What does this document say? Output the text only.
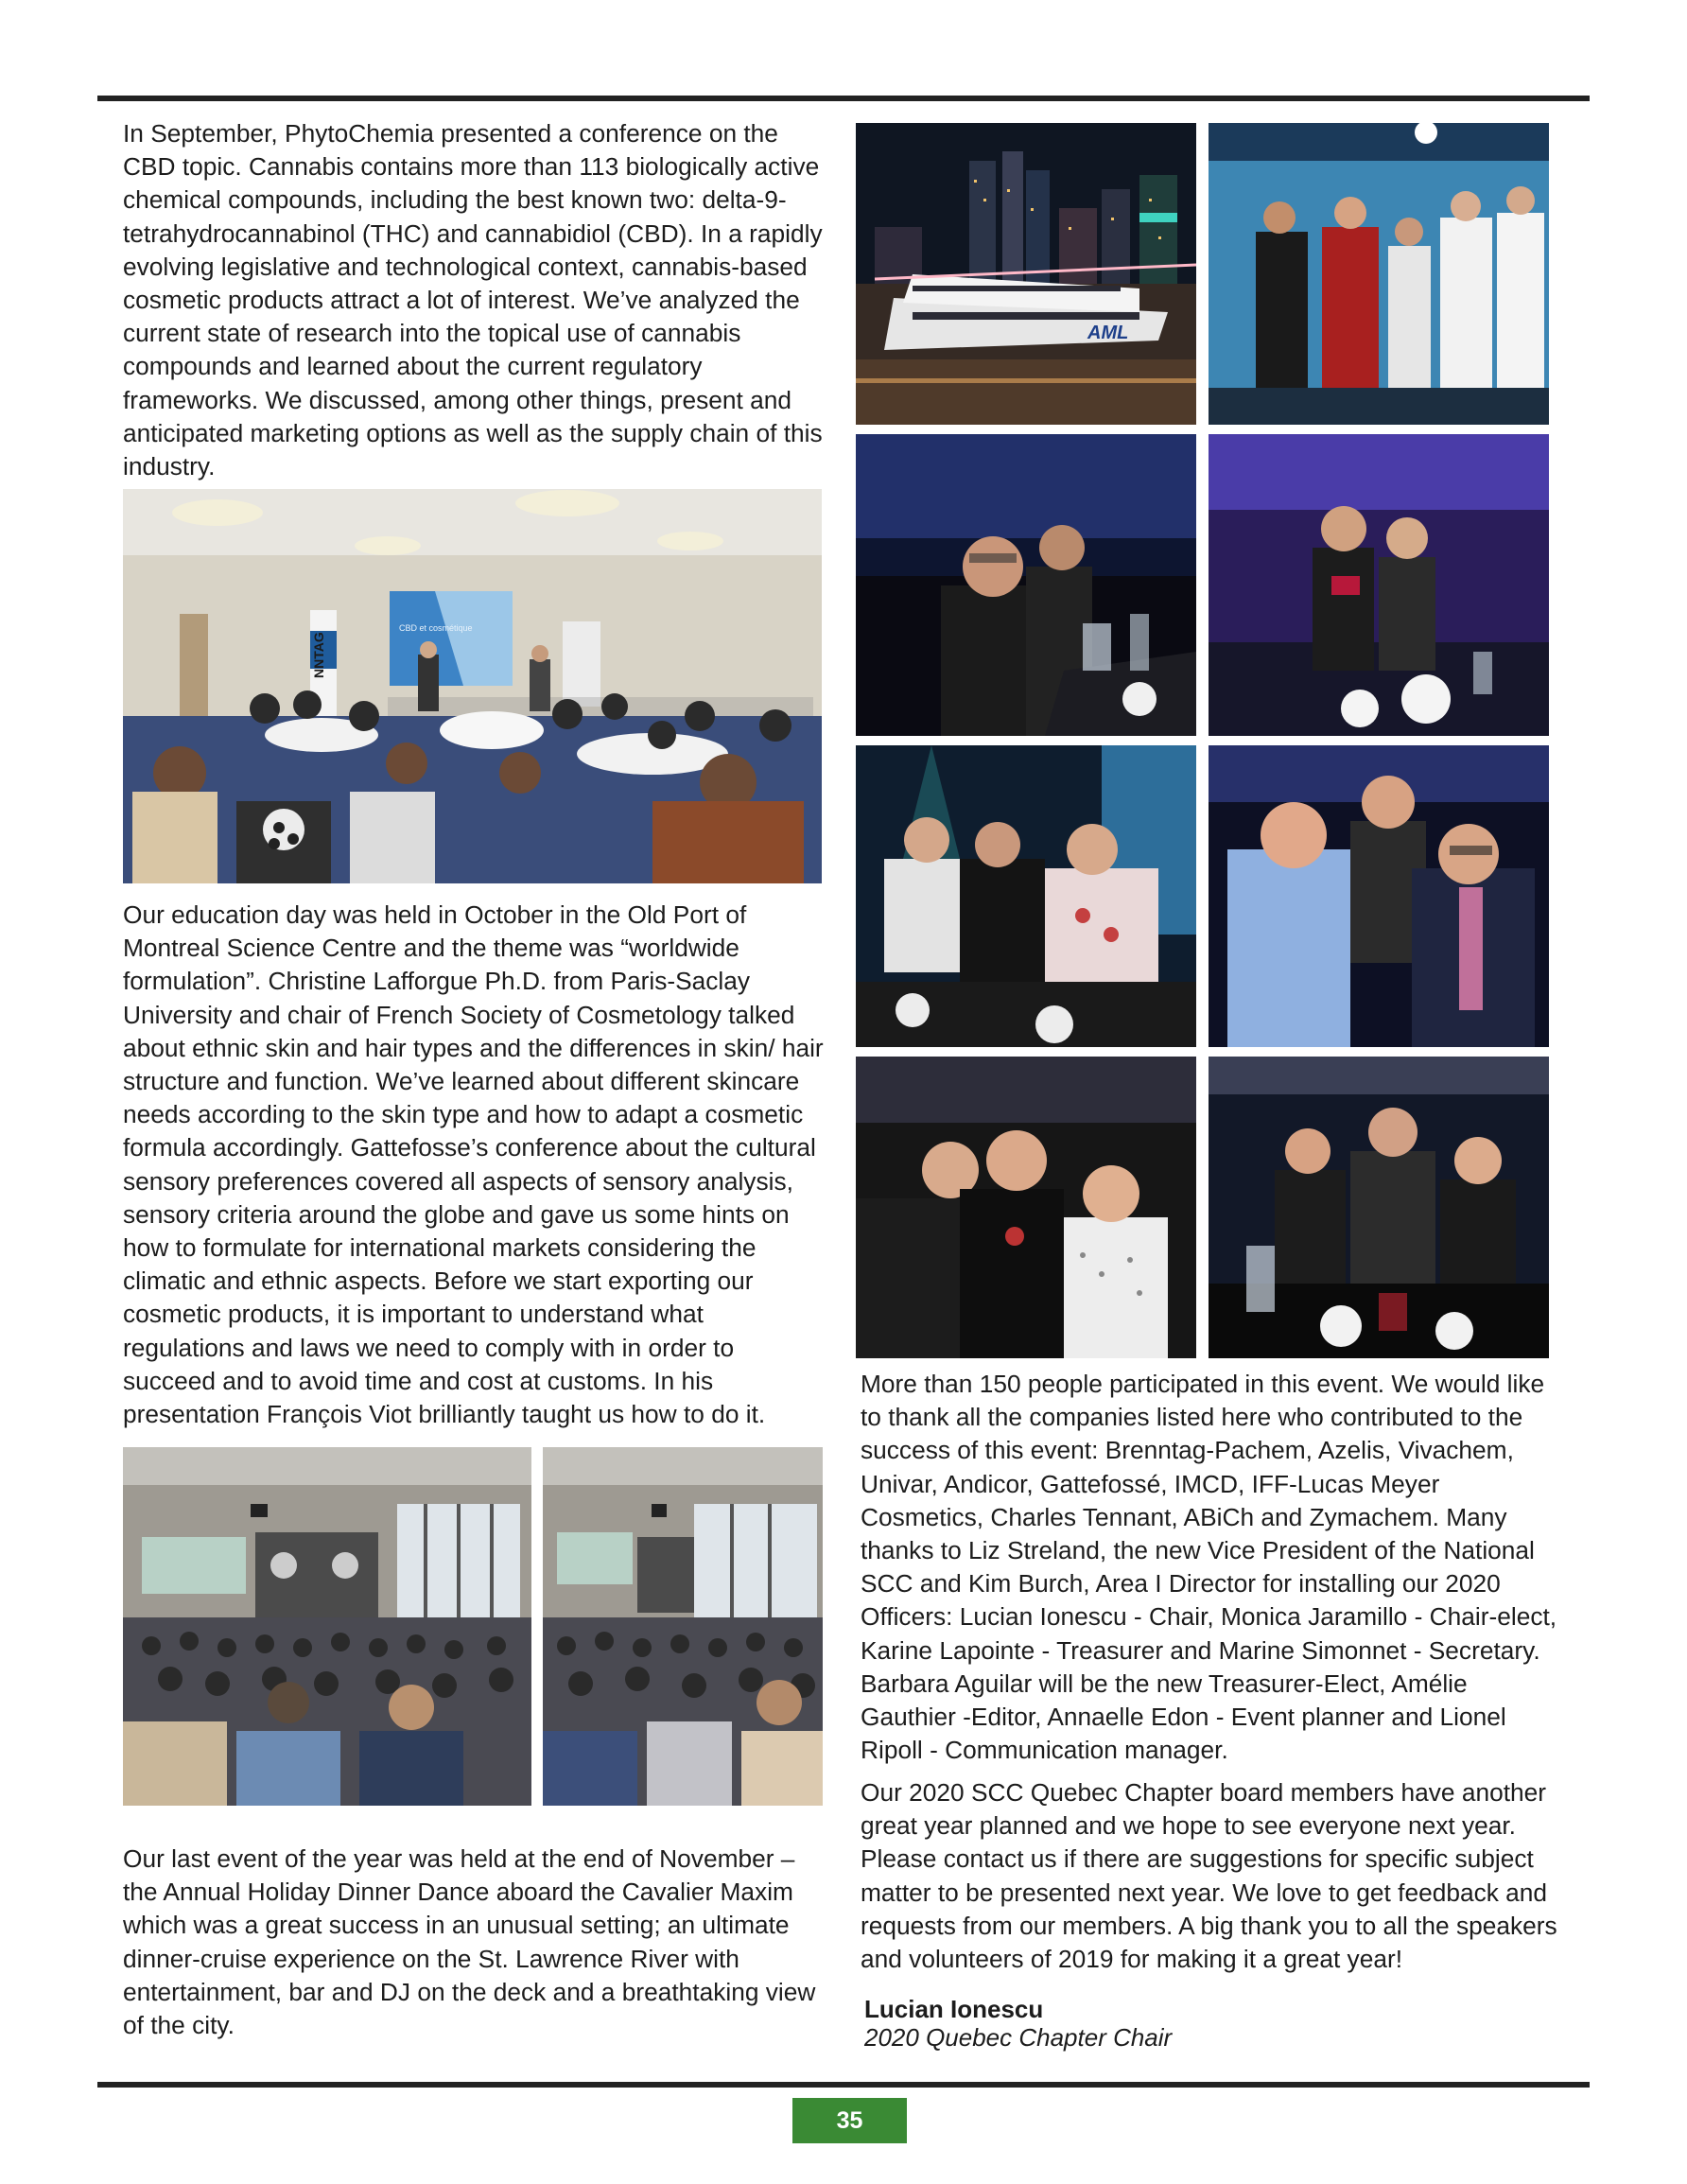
In September, PhytoChemia presented a conference on the CBD topic. Cannabis contains more than 113 biologically active chemical compounds, including the best known two: delta-9-tetrahydrocannabinol (THC) and cannabidiol (CBD). In a rapidly evolving legislative and technological context, cannabis-based cosmetic products attract a lot of interest. We’ve analyzed the current state of research into the topical use of cannabis compounds and learned about the current regulatory frameworks. We discussed, among other things, present and anticipated marketing options as well as the supply chain of this industry.

NNTAG
CBD et cosmétique

Our education day was held in October in the Old Port of Montreal Science Centre and the theme was “worldwide formulation”. Christine Lafforgue Ph.D. from Paris-Saclay University and chair of French Society of Cosmetology talked about ethnic skin and hair types and the differences in skin/ hair structure and function. We’ve learned about different skincare needs according to the skin type and how to adapt a cosmetic formula accordingly. Gattefosse’s conference about the cultural sensory preferences covered all aspects of sensory analysis, sensory criteria around the globe and gave us some hints on how to formulate for international markets considering the climatic and ethnic aspects. Before we start exporting our cosmetic products, it is important to understand what regulations and laws we need to comply with in order to succeed and to avoid time and cost at customs. In his presentation François Viot brilliantly taught us how to do it.

Our last event of the year was held at the end of November – the Annual Holiday Dinner Dance aboard the Cavalier Maxim which was a great success in an unusual setting; an ultimate dinner-cruise experience on the St. Lawrence River with entertainment, bar and DJ on the deck and a breathtaking view of the city.

AML

More than 150 people participated in this event. We would like to thank all the companies listed here who contributed to the success of this event: Brenntag-Pachem, Azelis, Vivachem, Univar, Andicor, Gattefossé, IMCD, IFF-Lucas Meyer Cosmetics, Charles Tennant, ABiCh and Zymachem. Many thanks to Liz Streland, the new Vice President of the National SCC and Kim Burch, Area I Director for installing our 2020 Officers: Lucian Ionescu - Chair, Monica Jaramillo - Chair-elect, Karine Lapointe - Treasurer and Marine Simonnet - Secretary. Barbara Aguilar will be the new Treasurer-Elect, Amélie Gauthier -Editor, Annaelle Edon - Event planner and Lionel Ripoll - Communication manager.

Our 2020 SCC Quebec Chapter board members have another great year planned and we hope to see everyone next year. Please contact us if there are suggestions for specific subject matter to be presented next year. We love to get feedback and requests from our members. A big thank you to all the speakers and volunteers of 2019 for making it a great year!

Lucian Ionescu
2020 Quebec Chapter Chair
35
